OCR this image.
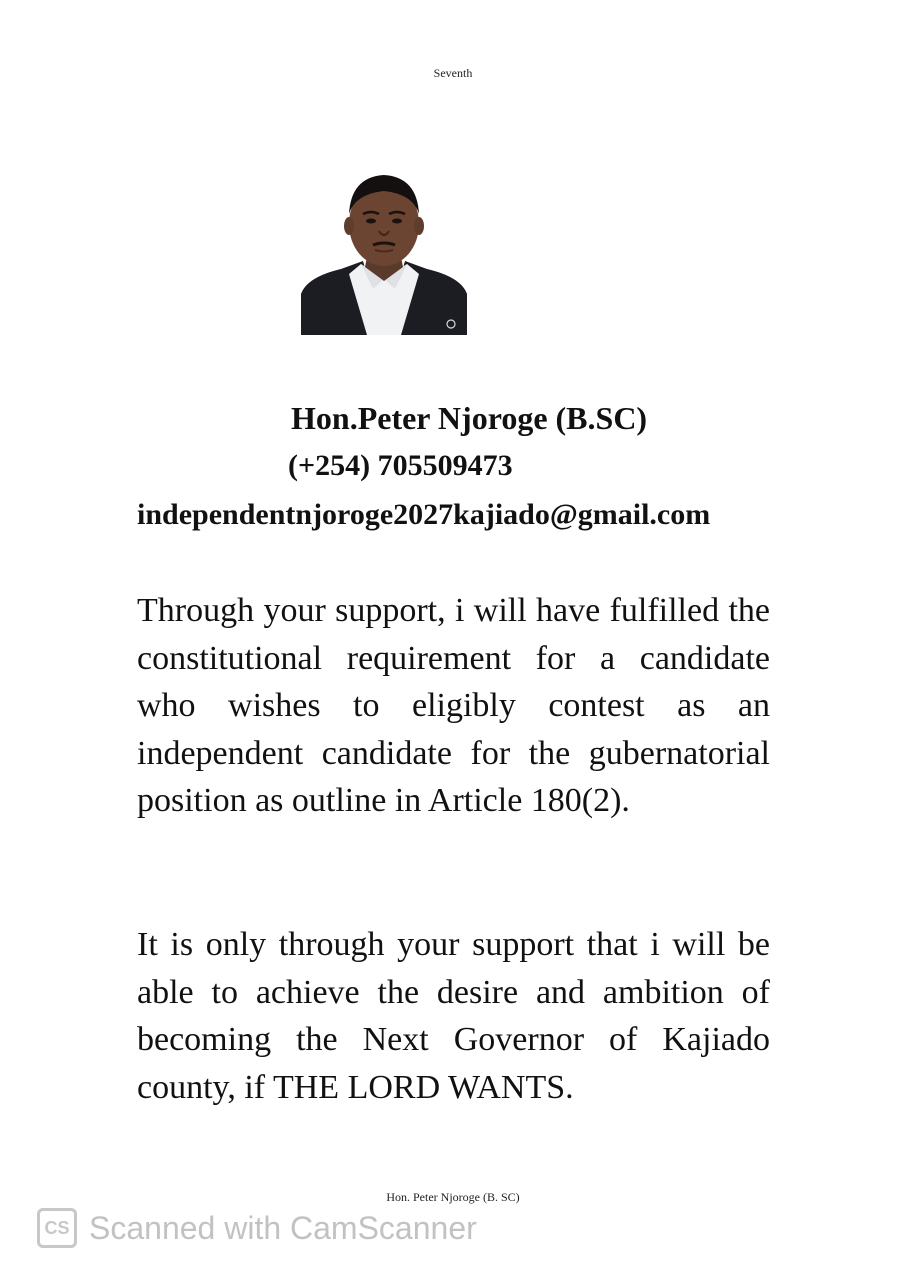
Seventh
Hon.Peter Njoroge (B.SC)
(+254) 705509473
independentnjoroge2027kajiado@gmail.com

Through your support, i will have fulfilled the constitutional requirement for a candidate who wishes to eligibly contest as an independent candidate for the gubernatorial position as outline in Article 180(2).

It is only through your support that i will be able to achieve the desire and ambition of becoming the Next Governor of Kajiado county, if THE LORD WANTS.

Hon. Peter Njoroge (B. SC)
CS Scanned with CamScanner
